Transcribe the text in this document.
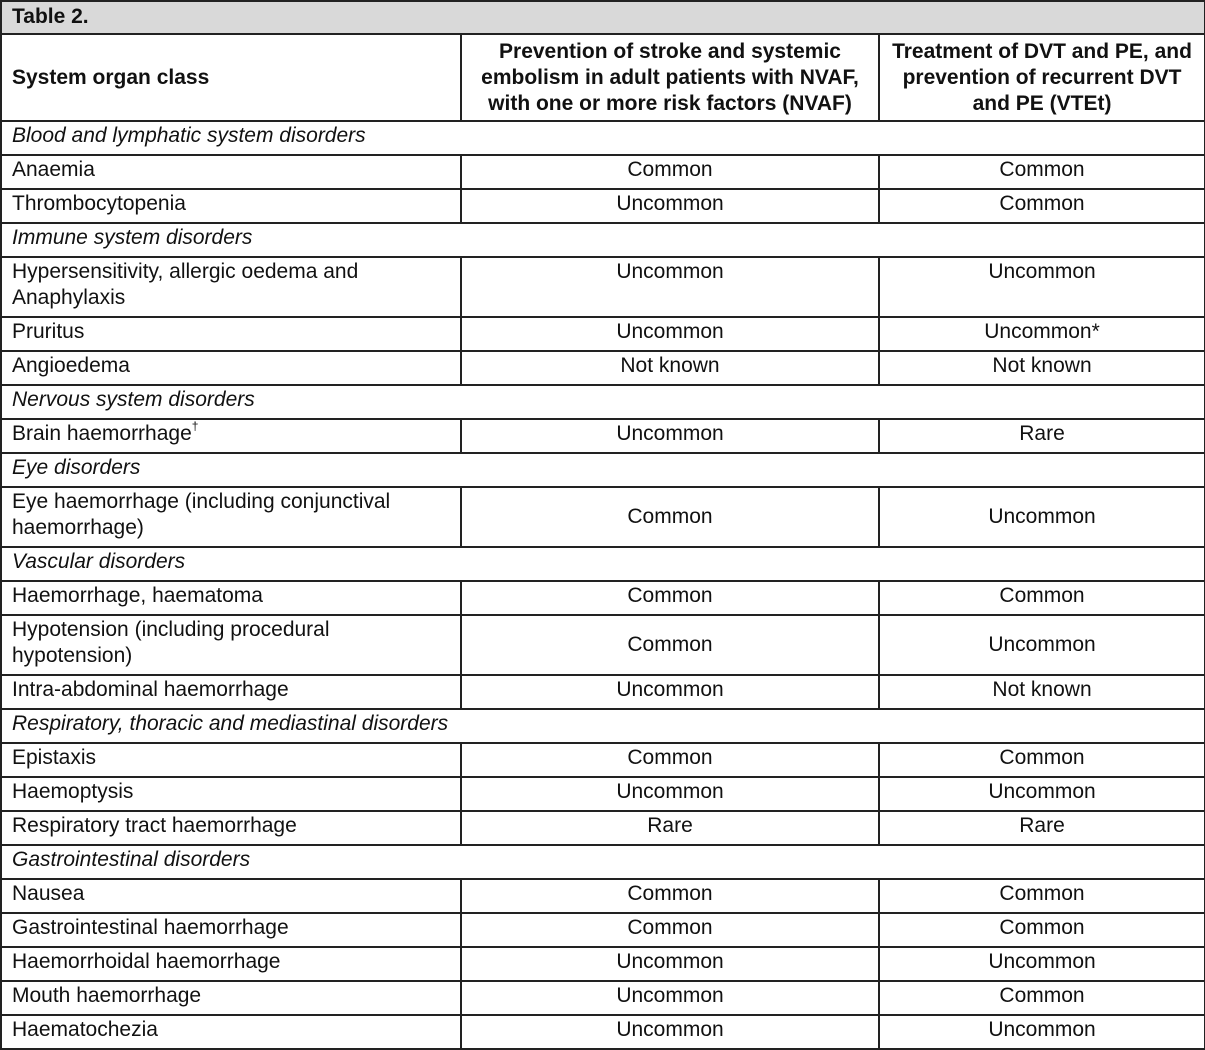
Table 2.		
System organ class	Prevention of stroke and systemic embolism in adult patients with NVAF, with one or more risk factors (NVAF)	Treatment of DVT and PE, and prevention of recurrent DVT and PE (VTEt)
Blood and lymphatic system disorders		
Anaemia	Common	Common
Thrombocytopenia	Uncommon	Common
Immune system disorders		
Hypersensitivity, allergic oedema and Anaphylaxis	Uncommon	Uncommon
Pruritus	Uncommon	Uncommon*
Angioedema	Not known	Not known
Nervous system disorders		
Brain haemorrhage†	Uncommon	Rare
Eye disorders		
Eye haemorrhage (including conjunctival haemorrhage)	Common	Uncommon
Vascular disorders		
Haemorrhage, haematoma	Common	Common
Hypotension (including procedural hypotension)	Common	Uncommon
Intra-abdominal haemorrhage	Uncommon	Not known
Respiratory, thoracic and mediastinal disorders		
Epistaxis	Common	Common
Haemoptysis	Uncommon	Uncommon
Respiratory tract haemorrhage	Rare	Rare
Gastrointestinal disorders		
Nausea	Common	Common
Gastrointestinal haemorrhage	Common	Common
Haemorrhoidal haemorrhage	Uncommon	Uncommon
Mouth haemorrhage	Uncommon	Common
Haematochezia	Uncommon	Uncommon
